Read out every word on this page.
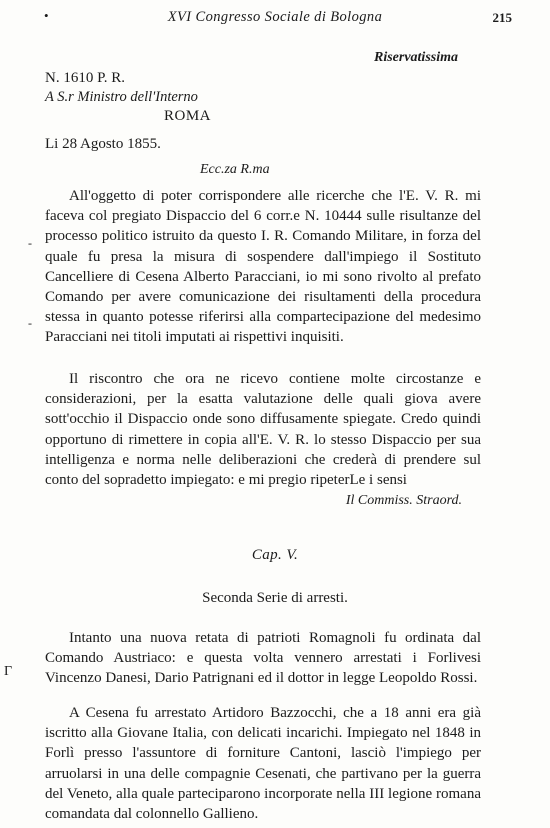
•	XVI Congresso Sociale di Bologna	215
Riservatissima
N. 1610 P. R.
A S.r Ministro dell'Interno
ROMA
Li 28 Agosto 1855.
Ecc.za R.ma

All'oggetto di poter corrispondere alle ricerche che l'E. V. R. mi faceva col pregiato Dispaccio del 6 corr.e N. 10444 sulle risultanze del processo politico istruito da questo I. R. Comando Militare, in forza del quale fu presa la misura di sospendere dall'impiego il Sostituto Cancelliere di Cesena Alberto Paracciani, io mi sono rivolto al prefato Comando per avere comunicazione dei risultamenti della procedura stessa in quanto potesse riferirsi alla compartecipazione del medesimo Paracciani nei titoli imputati ai rispettivi inquisiti.

Il riscontro che ora ne ricevo contiene molte circostanze e considerazioni, per la esatta valutazione delle quali giova avere sott'occhio il Dispaccio onde sono diffusamente spiegate. Credo quindi opportuno di rimettere in copia all'E. V. R. lo stesso Dispaccio per sua intelligenza e norma nelle deliberazioni che crederà di prendere sul conto del sopradetto impiegato: e mi pregio ripeterLe i sensi

Il Commiss. Straord.
Cap. V.
Seconda Serie di arresti.

Intanto una nuova retata di patrioti Romagnoli fu ordinata dal Comando Austriaco: e questa volta vennero arrestati i Forlivesi Vincenzo Danesi, Dario Patrignani ed il dottor in legge Leopoldo Rossi.

A Cesena fu arrestato Artidoro Bazzocchi, che a 18 anni era già iscritto alla Giovane Italia, con delicati incarichi. Impiegato nel 1848 in Forlì presso l'assuntore di forniture Cantoni, lasciò l'impiego per arruolarsi in una delle compagnie Cesenati, che partivano per la guerra del Veneto, alla quale parteciparono incorporate nella III legione romana comandata dal colonnello Gallieno.

-
-
Γ
